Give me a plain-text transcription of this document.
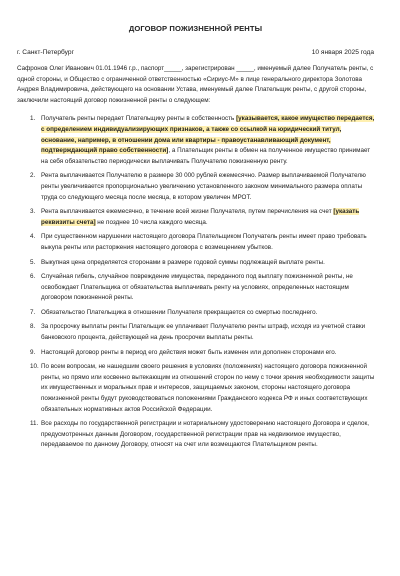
ДОГОВОР ПОЖИЗНЕННОЙ РЕНТЫ
г. Санкт-Петербург	10 января 2025 года
Сафронов Олег Иванович 01.01.1946 г.р., паспорт_____, зарегистрирован _____, именуемый далее Получатель ренты, с одной стороны, и Общество с ограниченной ответственностью «Сириус-М» в лице генерального директора Золотова Андрея Владимировича, действующего на основании Устава, именуемый далее Плательщик ренты, с другой стороны, заключили настоящий договор пожизненной ренты о следующем:
1. Получатель ренты передает Плательщику ренты в собственность [указывается, какое имущество передается, с определением индивидуализирующих признаков, а также со ссылкой на юридический титул, основание, например, в отношении дома или квартиры - правоустанавливающий документ, подтверждающий право собственности], а Плательщик ренты в обмен на полученное имущество принимает на себя обязательство периодически выплачивать Получателю пожизненную ренту.
2. Рента выплачивается Получателю в размере 30 000 рублей ежемесячно. Размер выплачиваемой Получателю ренты увеличивается пропорционально увеличению установленного законом минимального размера оплаты труда со следующего месяца после месяца, в котором увеличен МРОТ.
3. Рента выплачивается ежемесячно, в течение всей жизни Получателя, путем перечисления на счет [указать реквизиты счета] не позднее 10 числа каждого месяца.
4. При существенном нарушении настоящего договора Плательщиком Получатель ренты имеет право требовать выкупа ренты или расторжения настоящего договора с возмещением убытков.
5. Выкупная цена определяется сторонами в размере годовой суммы подлежащей выплате ренты.
6. Случайная гибель, случайное повреждение имущества, переданного под выплату пожизненной ренты, не освобождает Плательщика от обязательства выплачивать ренту на условиях, определенных настоящим договором пожизненной ренты.
7. Обязательство Плательщика в отношении Получателя прекращается со смертью последнего.
8. За просрочку выплаты ренты Плательщик ее уплачивает Получателю ренты штраф, исходя из учетной ставки банковского процента, действующей на день просрочки выплаты ренты.
9. Настоящий договор ренты в период его действия может быть изменен или дополнен сторонами его.
10. По всем вопросам, не нашедшим своего решения в условиях (положениях) настоящего договора пожизненной ренты, но прямо или косвенно вытекающим из отношений сторон по нему с точки зрения необходимости защиты их имущественных и моральных прав и интересов, защищаемых законом, стороны настоящего договора пожизненной ренты будут руководствоваться положениями Гражданского кодекса РФ и иных соответствующих обязательных нормативных актов Российской Федерации.
11. Все расходы по государственной регистрации и нотариальному удостоверению настоящего Договора и сделок, предусмотренных данным Договором, государственной регистрации прав на недвижимое имущество, передаваемое по данному Договору, относят на счет или возмещаются Плательщиком ренты.
